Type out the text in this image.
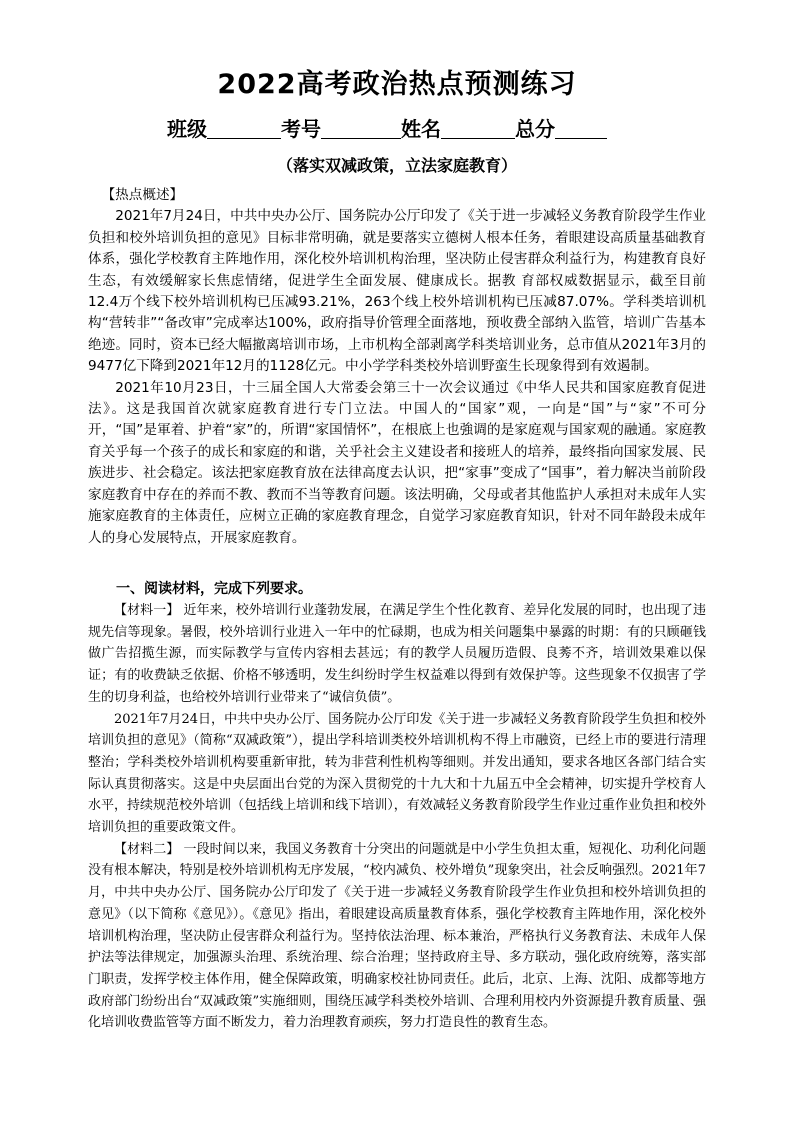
2022高考政治热点预测练习
班级	考号	姓名	总分
（落实双减政策，立法家庭教育）

【热点概述】

2021年7月24日，中共中央办公厅、国务院办公厅印发了《关于进一步减轻义务教育阶段学生作业负担和校外培训负担的意见》目标非常明确，就是要落实立德树人根本任务，着眼建设高质量基础教育体系，强化学校教育主阵地作用，深化校外培训机构治理，坚决防止侵害群众利益行为，构建教育良好生态，有效缓解家长焦虑情绪，促进学生全面发展、健康成长。据教 育部权威数据显示，截至目前12.4万个线下校外培训机构已压减93.21%，263个线上校外培训机构已压减87.07%。学科类培训机构“营转非”“备改审”完成率达100%，政府指导价管理全面落地，预收费全部纳入监管，培训广告基本绝迹。同时，资本已经大幅撤离培训市场，上市机构全部剥离学科类培训业务，总市值从2021年3月的9477亿下降到2021年12月的1128亿元。中小学学科类校外培训野蛮生长现象得到有效遏制。

2021年10月23日，十三届全国人大常委会第三十一次会议通过《中华人民共和国家庭教育促进法》。这是我国首次就家庭教育进行专门立法。中国人的“国家”观，一向是“国”与“家”不可分开，“国”是軍着、护着“家”的，所谓“家国情怀”，在根底上也強调的是家庭观与国家观的融通。家庭教育关乎每一个孩子的成长和家庭的和谐，关乎社会主义建设者和接班人的培养，最终指向国家发展、民族进步、社会稳定。该法把家庭教育放在法律高度去认识，把“家事”变成了“国事”，着力解决当前阶段家庭教育中存在的养而不教、教而不当等教育问题。该法明确，父母或者其他监护人承担对未成年人实施家庭教育的主体责任，应树立正确的家庭教育理念，自觉学习家庭教育知识，针对不同年龄段未成年人的身心发展特点，开展家庭教育。

一、阅读材料，完成下列要求。

【材料一】 近年来，校外培训行业蓬勃发展，在满足学生个性化教育、差异化发展的同时，也出现了违规先信等现象。暑假，校外培训行业进入一年中的忙碌期，也成为相关问题集中暴露的时期：有的只顾砸钱做广告招揽生源，而实际教学与宣传内容相去甚远；有的教学人员履历造假、良莠不齐，培训效果难以保证；有的收费缺乏依据、价格不够透明，发生纠纷时学生权益难以得到有效保护等。这些现象不仅损害了学生的切身利益，也给校外培训行业带来了“诚信负债”。

2021年7月24日，中共中央办公厅、国务院办公厅印发《关于进一步减轻义务教育阶段学生负担和校外培训负担的意见》（简称“双减政策”），提出学科培训类校外培训机构不得上市融资，已经上市的要进行清理整治；学科类校外培训机构要重新审批，转为非营利性机构等细则。并发出通知，要求各地区各部门结合实际认真贯彻落实。这是中央层面出台党的为深入贯彻党的十九大和十九届五中全会精神，切实提升学校育人水平，持续规范校外培训（包括线上培训和线下培训），有效减轻义务教育阶段学生作业过重作业负担和校外培训负担的重要政策文件。

【材料二】 一段时间以来，我国义务教育十分突出的问题就是中小学生负担太重，短视化、功利化问题没有根本解决，特别是校外培训机构无序发展，“校内减负、校外增负”现象突出，社会反响强烈。2021年7月，中共中央办公厅、国务院办公厅印发了《关于进一步减轻义务教育阶段学生作业负担和校外培训负担的意见》（以下简称《意见》）。《意见》指出，着眼建设高质量教育体系，强化学校教育主阵地作用，深化校外培训机构治理，坚决防止侵害群众利益行为。坚持依法治理、标本兼治，严格执行义务教育法、未成年人保护法等法律规定，加强源头治理、系统治理、综合治理；坚持政府主导、多方联动，强化政府统筹，落实部门职责，发挥学校主体作用，健全保障政策，明确家校社协同责任。此后，北京、上海、沈阳、成都等地方政府部门纷纷出台“双减政策”实施细则，围绕压减学科类校外培训、合理利用校内外资源提升教育质量、强化培训收费监管等方面不断发力，着力治理教育顽疾，努力打造良性的教育生态。
